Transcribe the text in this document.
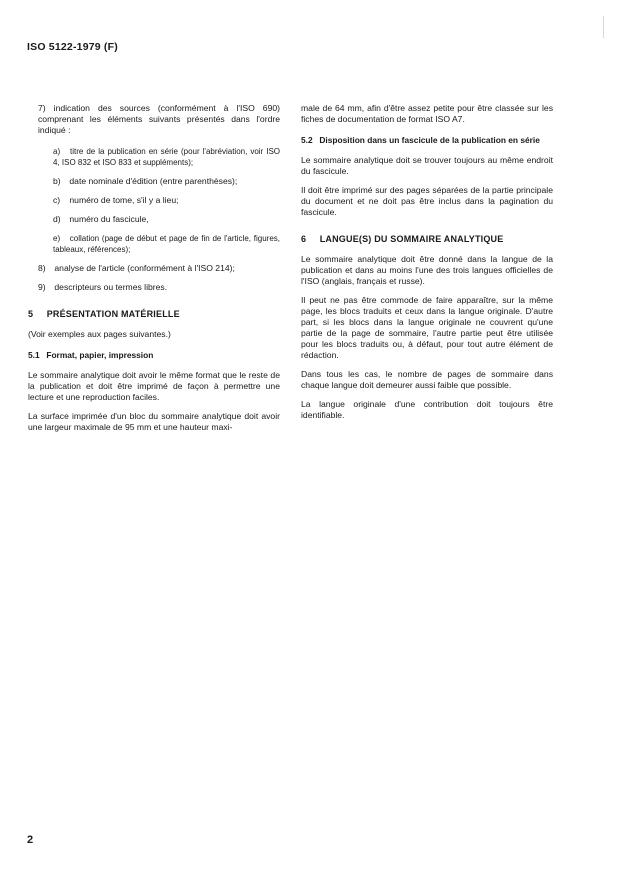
ISO 5122-1979 (F)

7) indication des sources (conformément à l'ISO 690) comprenant les éléments suivants présentés dans l'ordre indiqué :

a) titre de la publication en série (pour l'abréviation, voir ISO 4, ISO 832 et ISO 833 et suppléments);

b) date nominale d'édition (entre parenthèses);

c) numéro de tome, s'il y a lieu;

d) numéro du fascicule,

e) collation (page de début et page de fin de l'article, figures, tableaux, références);

8) analyse de l'article (conformément à l'ISO 214);

9) descripteurs ou termes libres.

5 PRÉSENTATION MATÉRIELLE

(Voir exemples aux pages suivantes.)

5.1 Format, papier, impression

Le sommaire analytique doit avoir le même format que le reste de la publication et doit être imprimé de façon à permettre une lecture et une reproduction faciles.

La surface imprimée d'un bloc du sommaire analytique doit avoir une largeur maximale de 95 mm et une hauteur maxi-

male de 64 mm, afin d'être assez petite pour être classée sur les fiches de documentation de format ISO A7.

5.2 Disposition dans un fascicule de la publication en série

Le sommaire analytique doit se trouver toujours au même endroit du fascicule.

Il doit être imprimé sur des pages séparées de la partie principale du document et ne doit pas être inclus dans la pagination du fascicule.

6 LANGUE(S) DU SOMMAIRE ANALYTIQUE

Le sommaire analytique doit être donné dans la langue de la publication et dans au moins l'une des trois langues officielles de l'ISO (anglais, français et russe).

Il peut ne pas être commode de faire apparaître, sur la même page, les blocs traduits et ceux dans la langue originale. D'autre part, si les blocs dans la langue originale ne couvrent qu'une partie de la page de sommaire, l'autre partie peut être utilisée pour les blocs traduits ou, à défaut, pour tout autre élément de rédaction.

Dans tous les cas, le nombre de pages de sommaire dans chaque langue doit demeurer aussi faible que possible.

La langue originale d'une contribution doit toujours être identifiable.

2
